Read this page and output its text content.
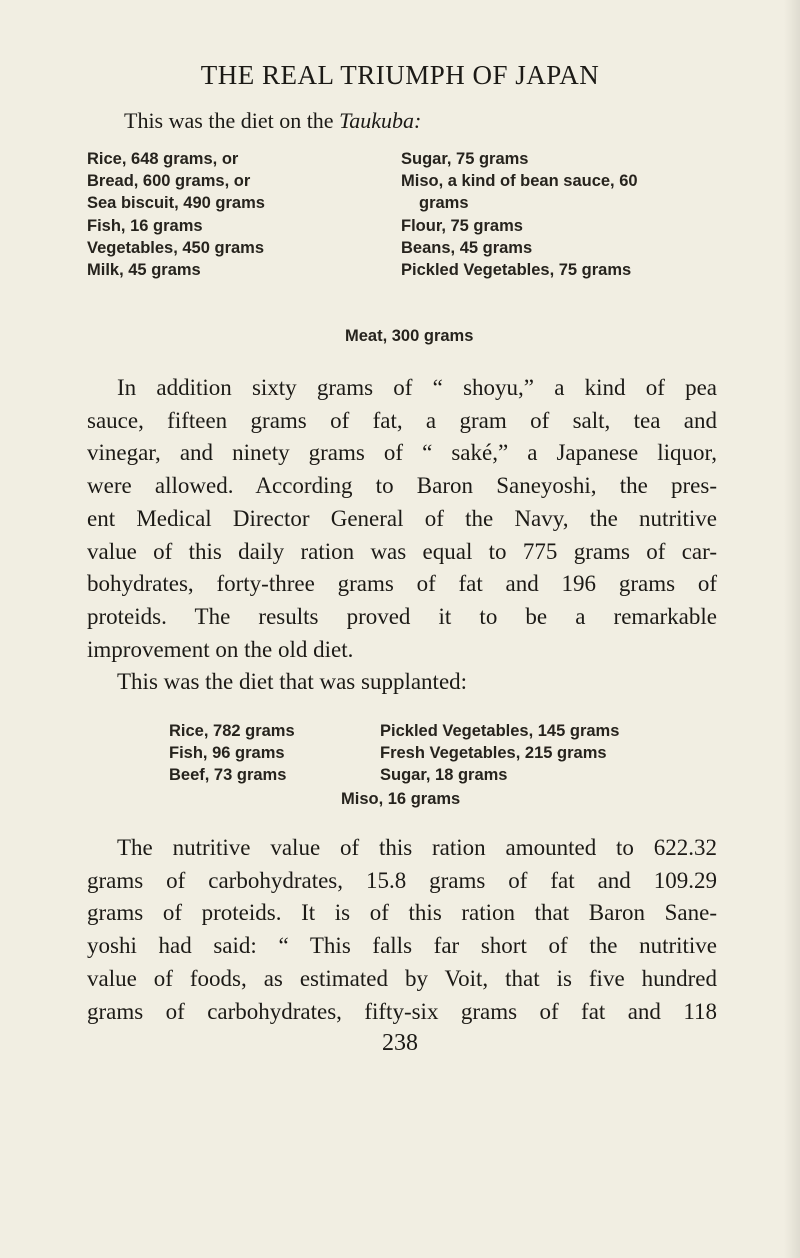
THE REAL TRIUMPH OF JAPAN
This was the diet on the Taukuba:
Rice, 648 grams, or
Bread, 600 grams, or
Sea biscuit, 490 grams
Fish, 16 grams
Vegetables, 450 grams
Milk, 45 grams
Sugar, 75 grams
Miso, a kind of bean sauce, 60
grams
Flour, 75 grams
Beans, 45 grams
Pickled Vegetables, 75 grams
Meat, 300 grams
In addition sixty grams of “ shoyu,” a kind of pea
sauce, fifteen grams of fat, a gram of salt, tea and
vinegar, and ninety grams of “ saké,” a Japanese liquor,
were allowed. According to Baron Saneyoshi, the pres-
ent Medical Director General of the Navy, the nutritive
value of this daily ration was equal to 775 grams of car-
bohydrates, forty-three grams of fat and 196 grams of
proteids. The results proved it to be a remarkable
improvement on the old diet.
This was the diet that was supplanted:
Rice, 782 grams
Fish, 96 grams
Beef, 73 grams
Pickled Vegetables, 145 grams
Fresh Vegetables, 215 grams
Sugar, 18 grams
Miso, 16 grams
The nutritive value of this ration amounted to 622.32
grams of carbohydrates, 15.8 grams of fat and 109.29
grams of proteids. It is of this ration that Baron Sane-
yoshi had said: “ This falls far short of the nutritive
value of foods, as estimated by Voit, that is five hundred
grams of carbohydrates, fifty-six grams of fat and 118
238
